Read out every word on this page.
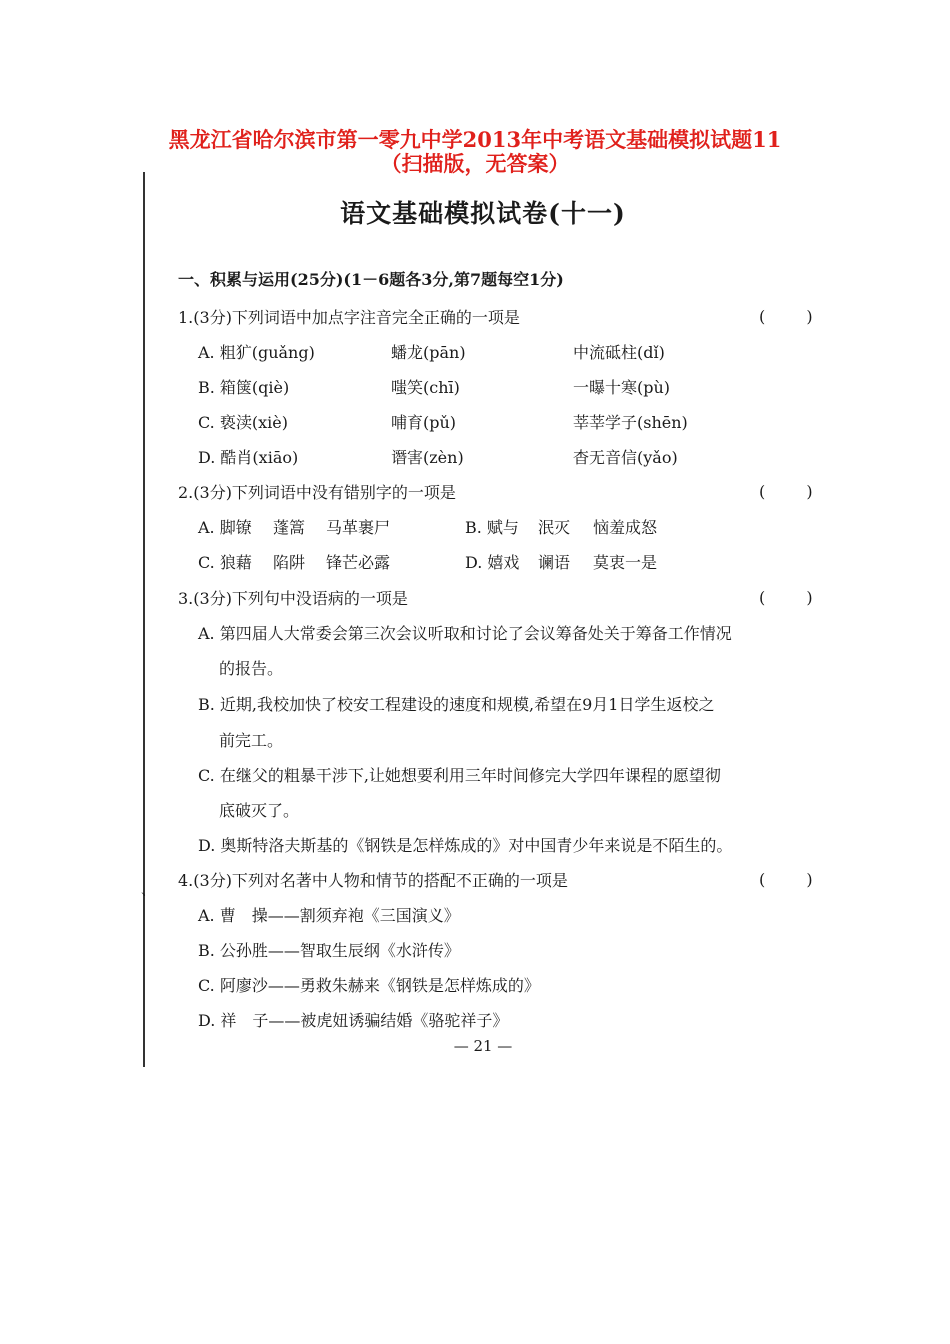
黑龙江省哈尔滨市第一零九中学2013年中考语文基础模拟试题11
（扫描版，无答案）
、
语文基础模拟试卷(十一)
一、积累与运用(25分)(1－6题各3分,第7题每空1分)
1.(3分)下列词语中加点字注音完全正确的一项是	( )
A. 粗犷(guǎng)	蟠龙(pān)	中流砥柱(dǐ)
B. 箱箧(qiè)	嗤笑(chī)	一曝十寒(pù)
C. 亵渎(xiè)	哺育(pǔ)	莘莘学子(shēn)
D. 酷肖(xiāo)	谮害(zèn)	杳无音信(yǎo)
2.(3分)下列词语中没有错别字的一项是	( )
A. 脚镣 蓬篙 马革裹尸	B. 赋与 泯灭 恼羞成怒
C. 狼藉 陷阱 锋芒必露	D. 嬉戏 谰语 莫衷一是
3.(3分)下列句中没语病的一项是	( )
A. 第四届人大常委会第三次会议听取和讨论了会议筹备处关于筹备工作情况
的报告。
B. 近期,我校加快了校安工程建设的速度和规模,希望在9月1日学生返校之
前完工。
C. 在继父的粗暴干涉下,让她想要利用三年时间修完大学四年课程的愿望彻
底破灭了。
D. 奥斯特洛夫斯基的《钢铁是怎样炼成的》对中国青少年来说是不陌生的。
4.(3分)下列对名著中人物和情节的搭配不正确的一项是	( )
A. 曹　操——割须弃袍《三国演义》
B. 公孙胜——智取生辰纲《水浒传》
C. 阿廖沙——勇救朱赫来《钢铁是怎样炼成的》
D. 祥　子——被虎妞诱骗结婚《骆驼祥子》
— 21 —
